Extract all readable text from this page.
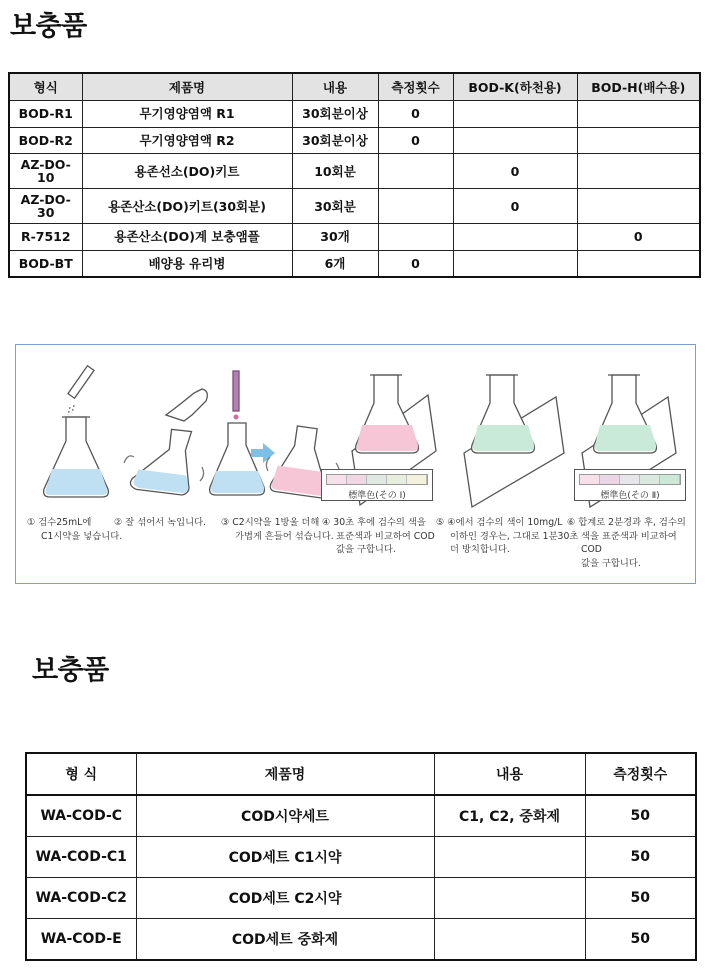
보충품
형식	제품명	내용	측정횟수	BOD-K(하천용)	BOD-H(배수용)
BOD-R1	무기영양염액 R1	30회분이상	0		
BOD-R2	무기영양염액 R2	30회분이상	0		
AZ-DO-10	용존선소(DO)키트	10회분		0	
AZ-DO-30	용존산소(DO)키트(30회분)	30회분		0	
R-7512	용존산소(DO)계 보충앰플	30개			0
BOD-BT	배양용 유리병	6개	0		
標準色(その Ⅰ)	標準色(その Ⅱ)
① 검수25mL에
C1시약을 넣습니다.
② 잘 섞어서 녹입니다. ③ C2시약을 1방울 더해
가볍게 흔들어 섞습니다.
④ 30초 후에 검수의 색을
표준색과 비교하여 COD
값을 구합니다.
⑤ ④에서 검수의 색이 10mg/L
이하인 경우는, 그대로 1분30초
더 방치합니다.
⑥ 합계로 2분경과 후, 검수의
색을 표준색과 비교하여 COD
값을 구합니다.
보충품
형 식	제품명	내용	측정횟수
WA-COD-C	COD시약세트	C1, C2, 중화제	50
WA-COD-C1	COD세트 C1시약		50
WA-COD-C2	COD세트 C2시약		50
WA-COD-E	COD세트 중화제		50
